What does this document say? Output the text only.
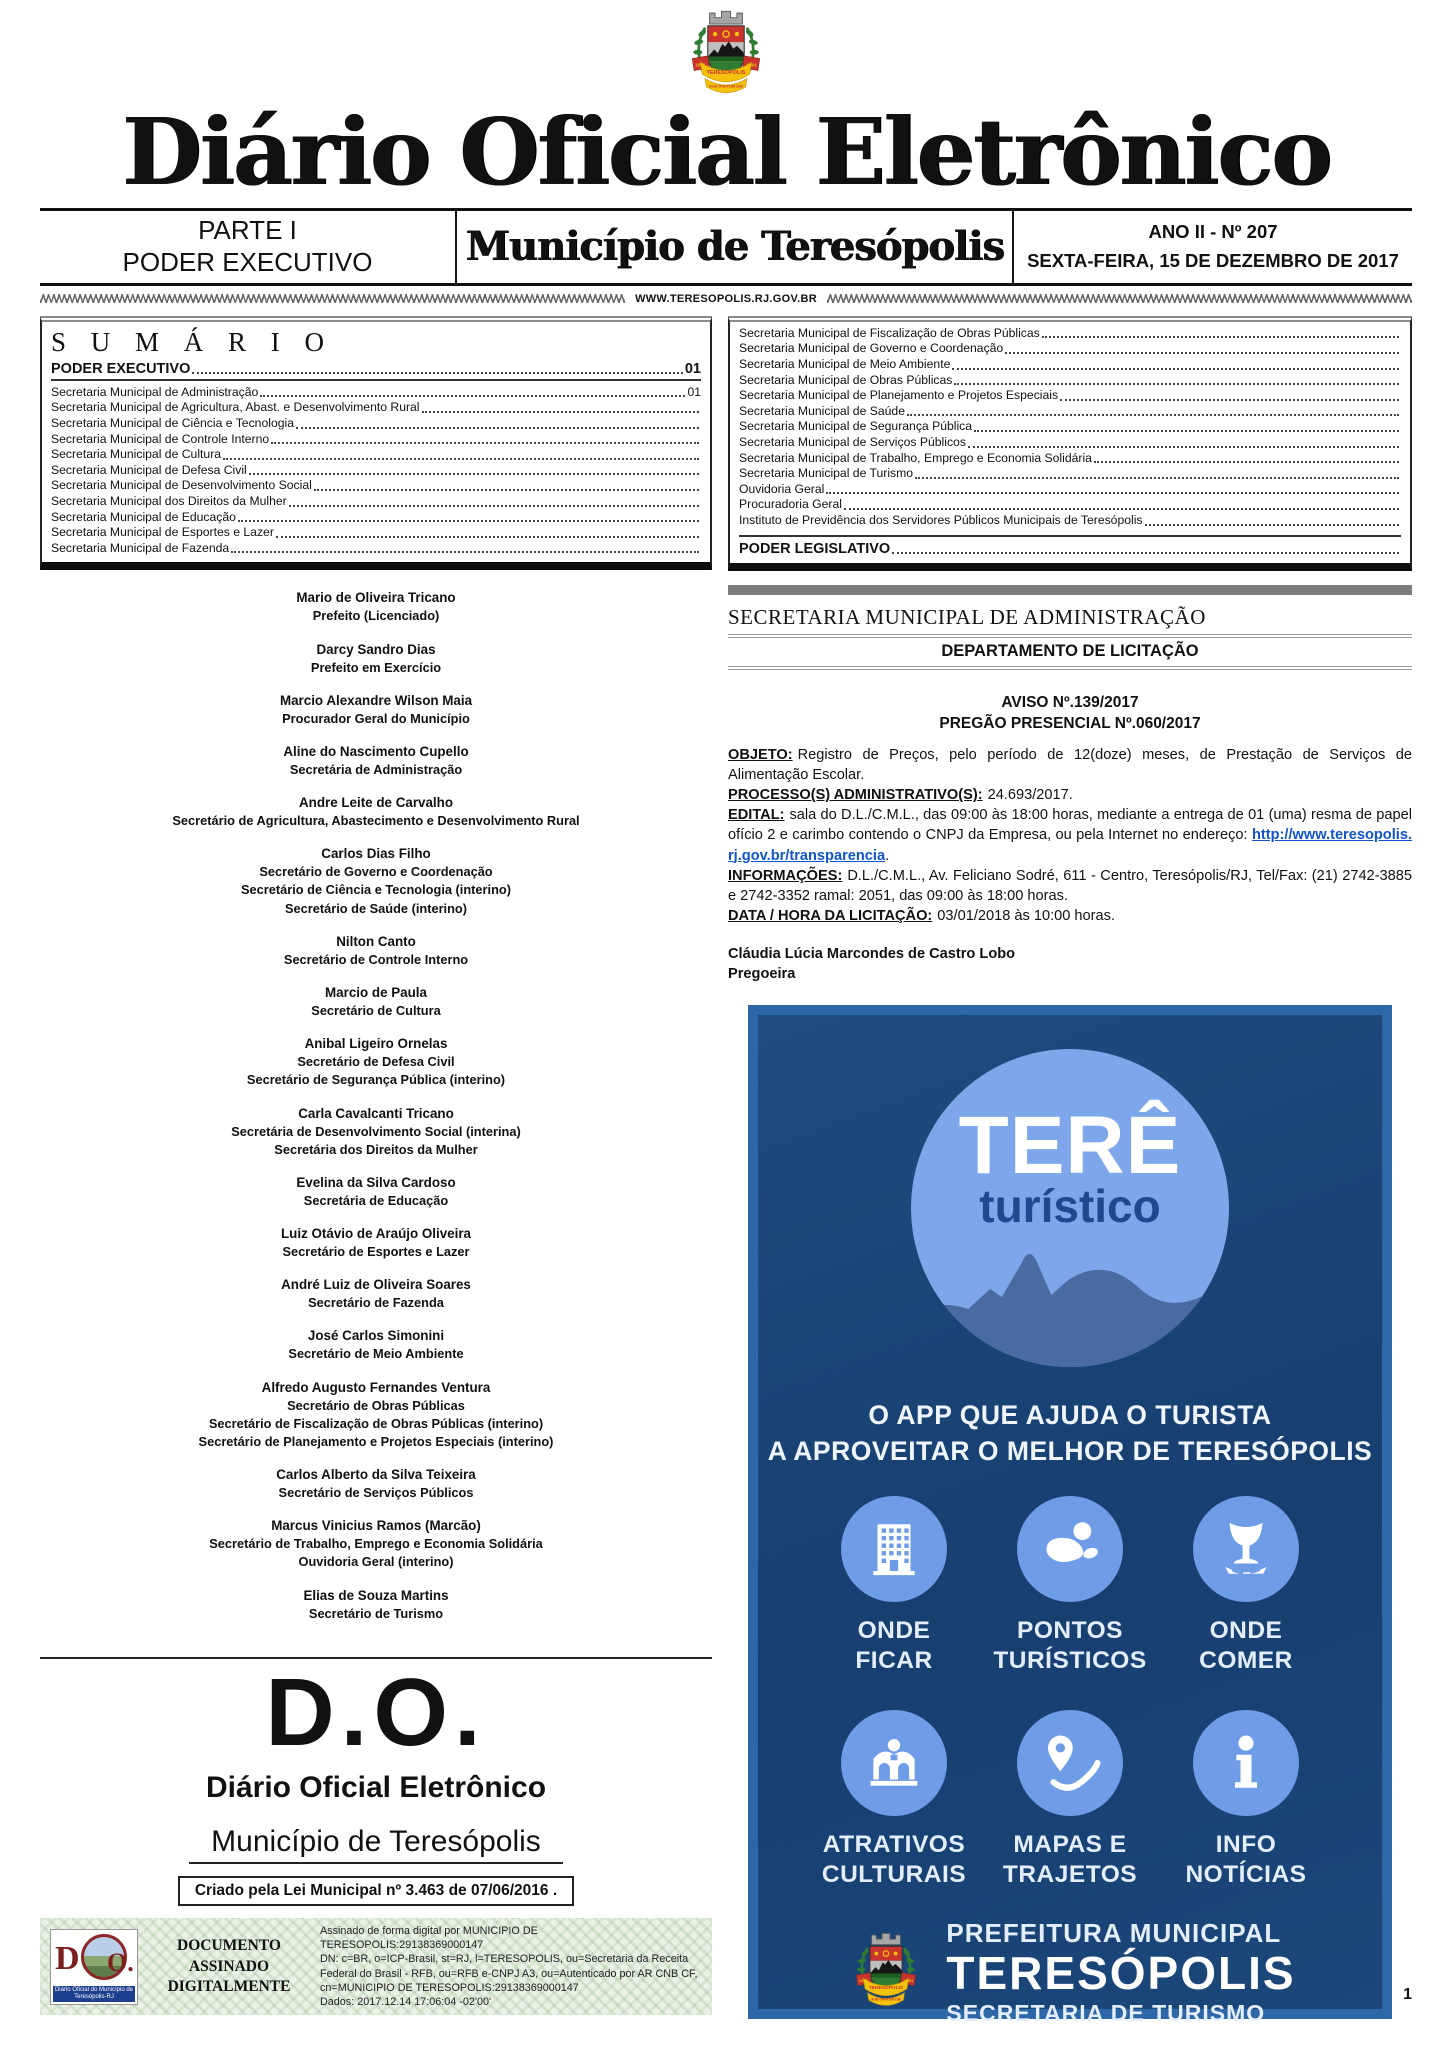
Diário Oficial Eletrônico
PARTE I
PODER EXECUTIVO Município de Teresópolis	ANO II - Nº 207
SEXTA-FEIRA, 15 DE DEZEMBRO DE 2017
WWW.TERESOPOLIS.RJ.GOV.BR
S U M Á R I O
PODER EXECUTIVO	01
Secretaria Municipal de Administração	01
Secretaria Municipal de Agricultura, Abast. e Desenvolvimento Rural
Secretaria Municipal de Ciência e Tecnologia
Secretaria Municipal de Controle Interno
Secretaria Municipal de Cultura
Secretaria Municipal de Defesa Civil
Secretaria Municipal de Desenvolvimento Social
Secretaria Municipal dos Direitos da Mulher
Secretaria Municipal de Educação
Secretaria Municipal de Esportes e Lazer
Secretaria Municipal de Fazenda
Mario de Oliveira Tricano
Prefeito (Licenciado)
Darcy Sandro Dias
Prefeito em Exercício
Marcio Alexandre Wilson Maia
Procurador Geral do Município
Aline do Nascimento Cupello
Secretária de Administração
Andre Leite de Carvalho
Secretário de Agricultura, Abastecimento e Desenvolvimento Rural
Carlos Dias Filho
Secretário de Governo e Coordenação
Secretário de Ciência e Tecnologia (interino)
Secretário de Saúde (interino)
Nilton Canto
Secretário de Controle Interno
Marcio de Paula
Secretário de Cultura
Anibal Ligeiro Ornelas
Secretário de Defesa Civil
Secretário de Segurança Pública (interino)
Carla Cavalcanti Tricano
Secretária de Desenvolvimento Social (interina)
Secretária dos Direitos da Mulher
Evelina da Silva Cardoso
Secretária de Educação
Luiz Otávio de Araújo Oliveira
Secretário de Esportes e Lazer
André Luiz de Oliveira Soares
Secretário de Fazenda
José Carlos Simonini
Secretário de Meio Ambiente
Alfredo Augusto Fernandes Ventura
Secretário de Obras Públicas
Secretário de Fiscalização de Obras Públicas (interino)
Secretário de Planejamento e Projetos Especiais (interino)
Carlos Alberto da Silva Teixeira
Secretário de Serviços Públicos
Marcus Vinicius Ramos (Marcão)
Secretário de Trabalho, Emprego e Economia Solidária
Ouvidoria Geral (interino)
Elias de Souza Martins
Secretário de Turismo
D.O.
Diário Oficial Eletrônico

Município de Teresópolis
Criado pela Lei Municipal nº 3.463 de 07/06/2016 .
D O.
Diário Oficial do Município de Teresópolis-RJ
DOCUMENTO
ASSINADO
DIGITALMENTE
Assinado de forma digital por MUNICIPIO DE TERESOPOLIS:29138369000147
DN: c=BR, o=ICP-Brasil, st=RJ, l=TERESOPOLIS, ou=Secretaria da Receita Federal do Brasil - RFB, ou=RFB e-CNPJ A3, ou=Autenticado por AR CNB CF, cn=MUNICIPIO DE TERESOPOLIS:29138369000147
Dados: 2017.12.14 17:06:04 -02'00'
Secretaria Municipal de Fiscalização de Obras Públicas
Secretaria Municipal de Governo e Coordenação
Secretaria Municipal de Meio Ambiente
Secretaria Municipal de Obras Públicas
Secretaria Municipal de Planejamento e Projetos Especiais
Secretaria Municipal de Saúde
Secretaria Municipal de Segurança Pública
Secretaria Municipal de Serviços Públicos
Secretaria Municipal de Trabalho, Emprego e Economia Solidária
Secretaria Municipal de Turismo
Ouvidoria Geral
Procuradoria Geral
Instituto de Previdência dos Servidores Públicos Municipais de Teresópolis
PODER LEGISLATIVO
SECRETARIA MUNICIPAL DE ADMINISTRAÇÃO
DEPARTAMENTO DE LICITAÇÃO
AVISO Nº.139/2017
PREGÃO PRESENCIAL Nº.060/2017

OBJETO: Registro de Preços, pelo período de 12(doze) meses, de Prestação de Serviços de Alimentação Escolar.

PROCESSO(S) ADMINISTRATIVO(S): 24.693/2017.

EDITAL: sala do D.L./C.M.L., das 09:00 às 18:00 horas, mediante a entrega de 01 (uma) resma de papel ofício 2 e carimbo contendo o CNPJ da Empresa, ou pela Internet no endereço: http://www.teresopolis.rj.gov.br/transparencia.

INFORMAÇÕES: D.L./C.M.L., Av. Feliciano Sodré, 611 - Centro, Teresópolis/RJ, Tel/Fax: (21) 2742-3885 e 2742-3352 ramal: 2051, das 09:00 às 18:00 horas.

DATA / HORA DA LICITAÇÃO: 03/01/2018 às 10:00 horas.

Cláudia Lúcia Marcondes de Castro Lobo
Pregoeira
TERÊ
turístico
O APP QUE AJUDA O TURISTA
A APROVEITAR O MELHOR DE TERESÓPOLIS
ONDE
FICAR
PONTOS
TURÍSTICOS
ONDE
COMER
ATRATIVOS
CULTURAIS
MAPAS E
TRAJETOS
INFO
NOTÍCIAS
PREFEITURA MUNICIPAL
TERESÓPOLIS
SECRETARIA DE TURISMO
1
